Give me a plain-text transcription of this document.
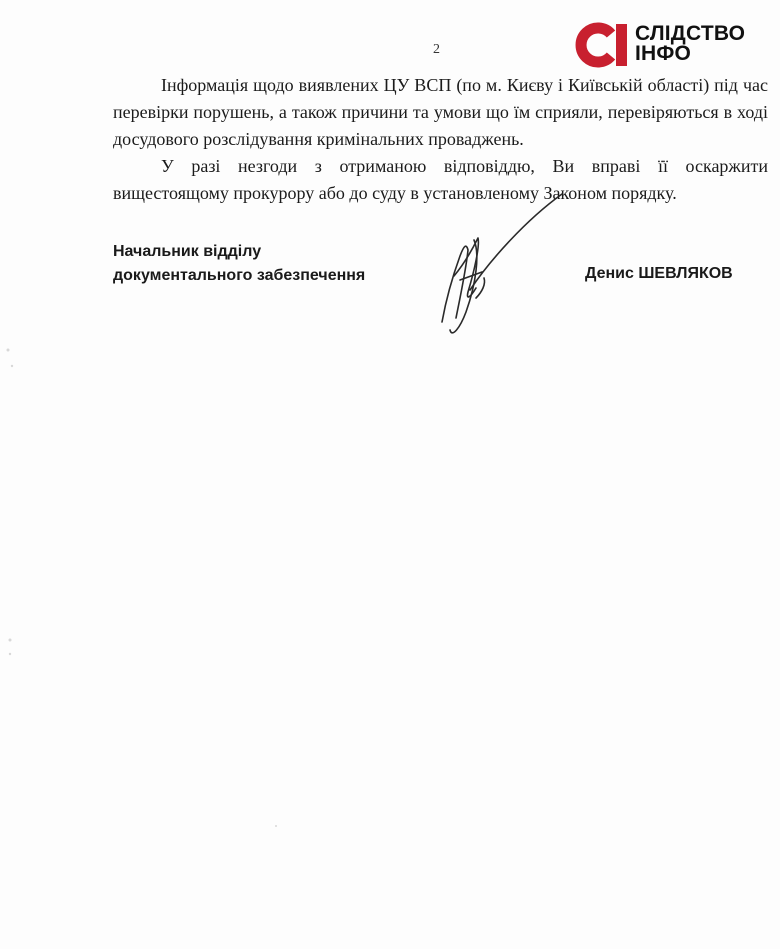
2
СЛІДСТВО
ІНФО

Інформація щодо виявлених ЦУ ВСП (по м. Києву і Київській області) під час перевірки порушень, а також причини та умови що їм сприяли, перевіряються в ході досудового розслідування кримінальних проваджень.

У разі незгоди з отриманою відповіддю, Ви вправі її оскаржити вищестоящому прокурору або до суду в установленому Законом порядку.

Начальник відділу
документального забезпечення	Денис ШЕВЛЯКОВ
